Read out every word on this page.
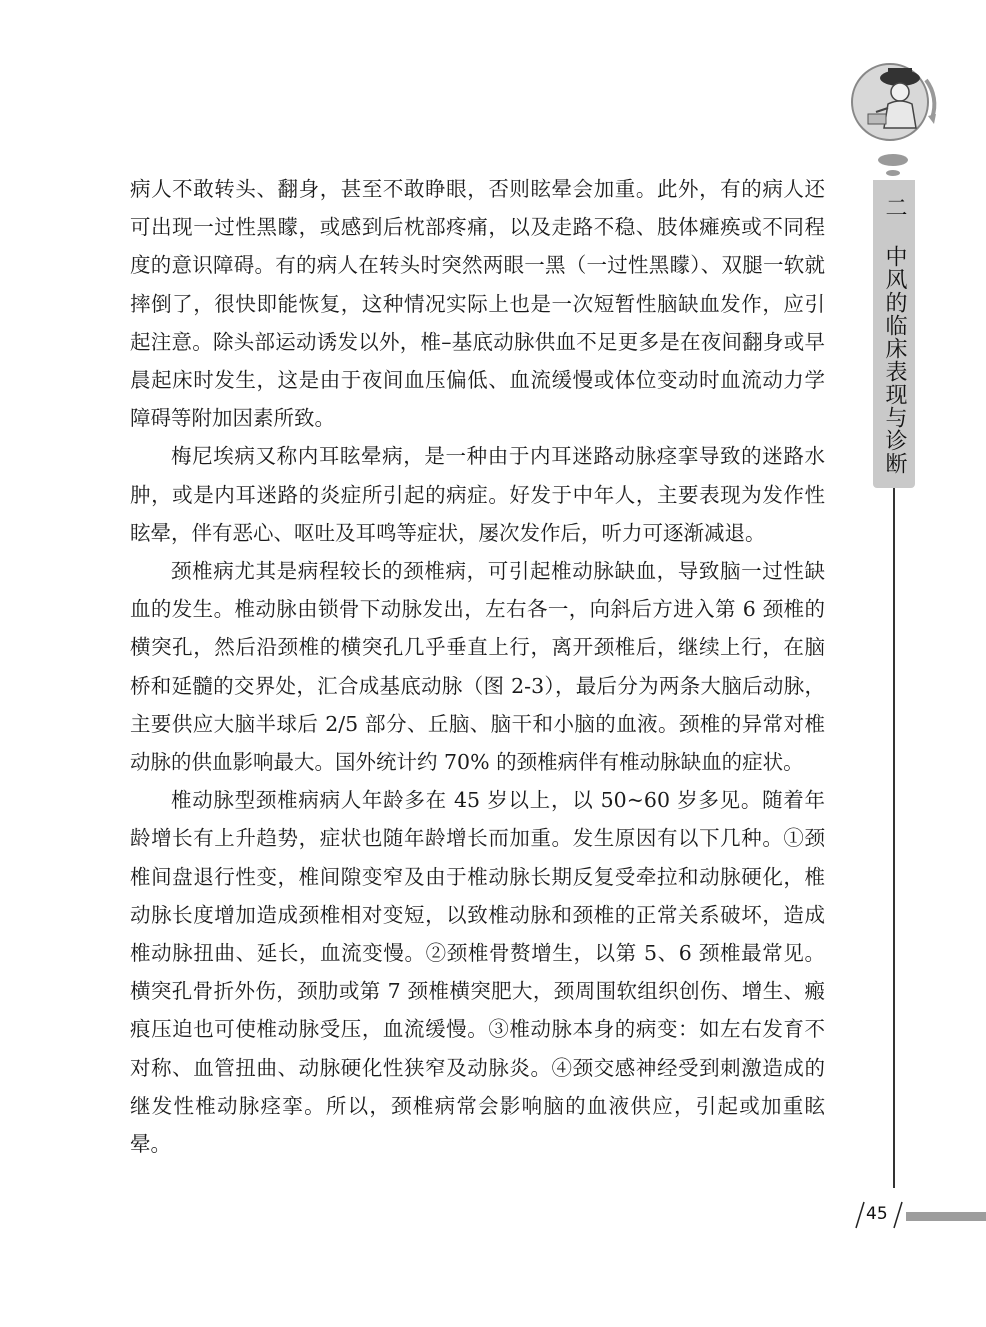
二 中风的临床表现与诊断

病人不敢转头、翻身，甚至不敢睁眼，否则眩晕会加重。此外，有的病人还可出现一过性黑矇，或感到后枕部疼痛，以及走路不稳、肢体瘫痪或不同程度的意识障碍。有的病人在转头时突然两眼一黑（一过性黑矇）、双腿一软就摔倒了，很快即能恢复，这种情况实际上也是一次短暂性脑缺血发作，应引起注意。除头部运动诱发以外，椎–基底动脉供血不足更多是在夜间翻身或早晨起床时发生，这是由于夜间血压偏低、血流缓慢或体位变动时血流动力学障碍等附加因素所致。

梅尼埃病又称内耳眩晕病，是一种由于内耳迷路动脉痉挛导致的迷路水肿，或是内耳迷路的炎症所引起的病症。好发于中年人，主要表现为发作性眩晕，伴有恶心、呕吐及耳鸣等症状，屡次发作后，听力可逐渐减退。

颈椎病尤其是病程较长的颈椎病，可引起椎动脉缺血，导致脑一过性缺血的发生。椎动脉由锁骨下动脉发出，左右各一，向斜后方进入第 6 颈椎的横突孔，然后沿颈椎的横突孔几乎垂直上行，离开颈椎后，继续上行，在脑桥和延髓的交界处，汇合成基底动脉（图 2-3），最后分为两条大脑后动脉，主要供应大脑半球后 2/5 部分、丘脑、脑干和小脑的血液。颈椎的异常对椎动脉的供血影响最大。国外统计约 70% 的颈椎病伴有椎动脉缺血的症状。

椎动脉型颈椎病病人年龄多在 45 岁以上，以 50~60 岁多见。随着年龄增长有上升趋势，症状也随年龄增长而加重。发生原因有以下几种。①颈椎间盘退行性变，椎间隙变窄及由于椎动脉长期反复受牵拉和动脉硬化，椎动脉长度增加造成颈椎相对变短，以致椎动脉和颈椎的正常关系破坏，造成椎动脉扭曲、延长，血流变慢。②颈椎骨赘增生，以第 5、6 颈椎最常见。横突孔骨折外伤，颈肋或第 7 颈椎横突肥大，颈周围软组织创伤、增生、瘢痕压迫也可使椎动脉受压，血流缓慢。③椎动脉本身的病变：如左右发育不对称、血管扭曲、动脉硬化性狭窄及动脉炎。④颈交感神经受到刺激造成的继发性椎动脉痉挛。所以，颈椎病常会影响脑的血液供应，引起或加重眩晕。

45
